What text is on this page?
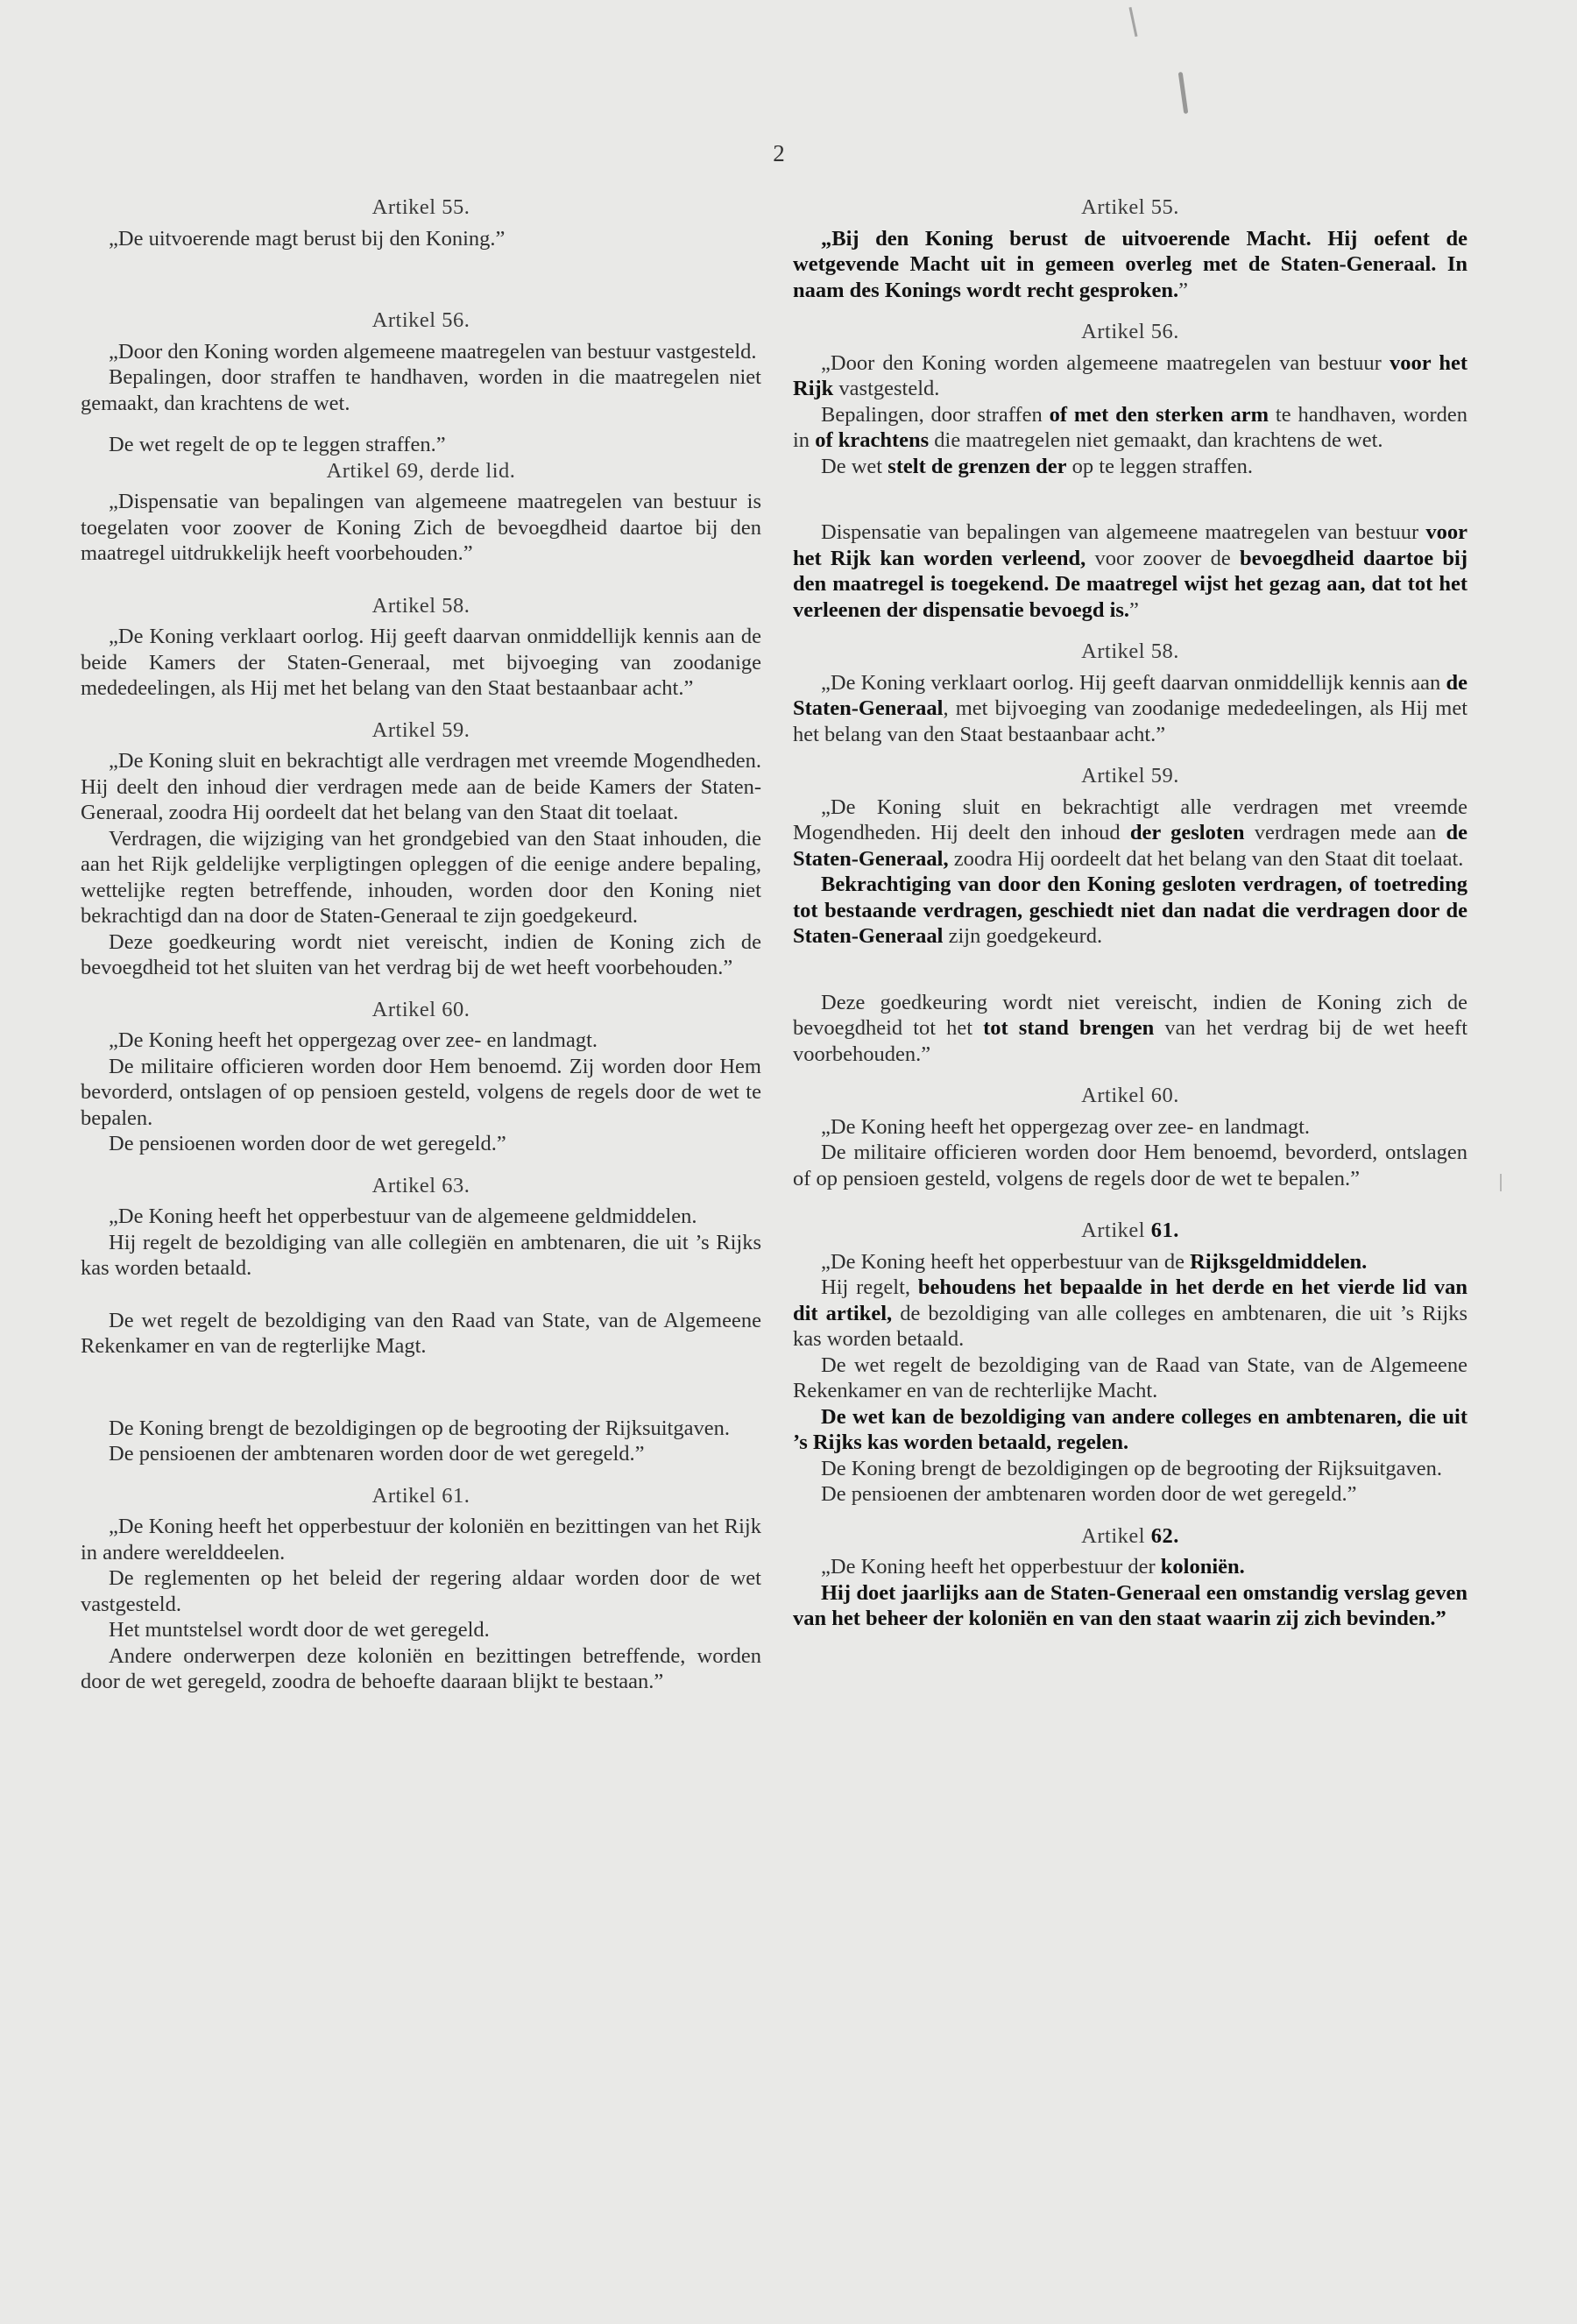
2
Artikel 55.

„De uitvoerende magt berust bij den Koning.”

Artikel 56.

„Door den Koning worden algemeene maatregelen van bestuur vastgesteld.

Bepalingen, door straffen te handhaven, worden in die maatregelen niet gemaakt, dan krachtens de wet.

De wet regelt de op te leggen straffen.”

Artikel 69, derde lid.

„Dispensatie van bepalingen van algemeene maatregelen van bestuur is toegelaten voor zoover de Koning Zich de bevoegdheid daartoe bij den maatregel uitdrukkelijk heeft voorbehouden.”

Artikel 58.

„De Koning verklaart oorlog. Hij geeft daarvan onmiddellijk kennis aan de beide Kamers der Staten-Generaal, met bijvoeging van zoodanige mededeelingen, als Hij met het belang van den Staat bestaanbaar acht.”

Artikel 59.

„De Koning sluit en bekrachtigt alle verdragen met vreemde Mogendheden. Hij deelt den inhoud dier verdragen mede aan de beide Kamers der Staten-Generaal, zoodra Hij oordeelt dat het belang van den Staat dit toelaat.

Verdragen, die wijziging van het grondgebied van den Staat inhouden, die aan het Rijk geldelijke verpligtingen opleggen of die eenige andere bepaling, wettelijke regten betreffende, inhouden, worden door den Koning niet bekrachtigd dan na door de Staten-Generaal te zijn goedgekeurd.

Deze goedkeuring wordt niet vereischt, indien de Koning zich de bevoegdheid tot het sluiten van het verdrag bij de wet heeft voorbehouden.”

Artikel 60.

„De Koning heeft het oppergezag over zee- en landmagt.

De militaire officieren worden door Hem benoemd. Zij worden door Hem bevorderd, ontslagen of op pensioen gesteld, volgens de regels door de wet te bepalen.

De pensioenen worden door de wet geregeld.”

Artikel 63.

„De Koning heeft het opperbestuur van de algemeene geldmiddelen.

Hij regelt de bezoldiging van alle collegiën en ambtenaren, die uit ’s Rijks kas worden betaald.

De wet regelt de bezoldiging van den Raad van State, van de Algemeene Rekenkamer en van de regterlijke Magt.

De Koning brengt de bezoldigingen op de begrooting der Rijksuitgaven.

De pensioenen der ambtenaren worden door de wet geregeld.”

Artikel 61.

„De Koning heeft het opperbestuur der koloniën en bezittingen van het Rijk in andere werelddeelen.

De reglementen op het beleid der regering aldaar worden door de wet vastgesteld.

Het muntstelsel wordt door de wet geregeld.

Andere onderwerpen deze koloniën en bezittingen betreffende, worden door de wet geregeld, zoodra de behoefte daaraan blijkt te bestaan.”

Artikel 55.

„Bij den Koning berust de uitvoerende Macht. Hij oefent de wetgevende Macht uit in gemeen overleg met de Staten-Generaal. In naam des Konings wordt recht gesproken.”

Artikel 56.

„Door den Koning worden algemeene maatregelen van bestuur voor het Rijk vastgesteld.

Bepalingen, door straffen of met den sterken arm te handhaven, worden in of krachtens die maatregelen niet gemaakt, dan krachtens de wet.

De wet stelt de grenzen der op te leggen straffen.

Dispensatie van bepalingen van algemeene maatregelen van bestuur voor het Rijk kan worden verleend, voor zoover de bevoegdheid daartoe bij den maatregel is toegekend. De maatregel wijst het gezag aan, dat tot het verleenen der dispensatie bevoegd is.”

Artikel 58.

„De Koning verklaart oorlog. Hij geeft daarvan onmiddellijk kennis aan de Staten-Generaal, met bijvoeging van zoodanige mededeelingen, als Hij met het belang van den Staat bestaanbaar acht.”

Artikel 59.

„De Koning sluit en bekrachtigt alle verdragen met vreemde Mogendheden. Hij deelt den inhoud der gesloten verdragen mede aan de Staten-Generaal, zoodra Hij oordeelt dat het belang van den Staat dit toelaat.

Bekrachtiging van door den Koning gesloten verdragen, of toetreding tot bestaande verdragen, geschiedt niet dan nadat die verdragen door de Staten-Generaal zijn goedgekeurd.

Deze goedkeuring wordt niet vereischt, indien de Koning zich de bevoegdheid tot het tot stand brengen van het verdrag bij de wet heeft voorbehouden.”

Artikel 60.

„De Koning heeft het oppergezag over zee- en landmagt.

De militaire officieren worden door Hem benoemd, bevorderd, ontslagen of op pensioen gesteld, volgens de regels door de wet te bepalen.”

Artikel 61.

„De Koning heeft het opperbestuur van de Rijksgeldmiddelen.

Hij regelt, behoudens het bepaalde in het derde en het vierde lid van dit artikel, de bezoldiging van alle colleges en ambtenaren, die uit ’s Rijks kas worden betaald.

De wet regelt de bezoldiging van de Raad van State, van de Algemeene Rekenkamer en van de rechterlijke Macht.

De wet kan de bezoldiging van andere colleges en ambtenaren, die uit ’s Rijks kas worden betaald, regelen.

De Koning brengt de bezoldigingen op de begrooting der Rijksuitgaven.

De pensioenen der ambtenaren worden door de wet geregeld.”

Artikel 62.

„De Koning heeft het opperbestuur der koloniën.

Hij doet jaarlijks aan de Staten-Generaal een omstandig verslag geven van het beheer der koloniën en van den staat waarin zij zich bevinden.”
